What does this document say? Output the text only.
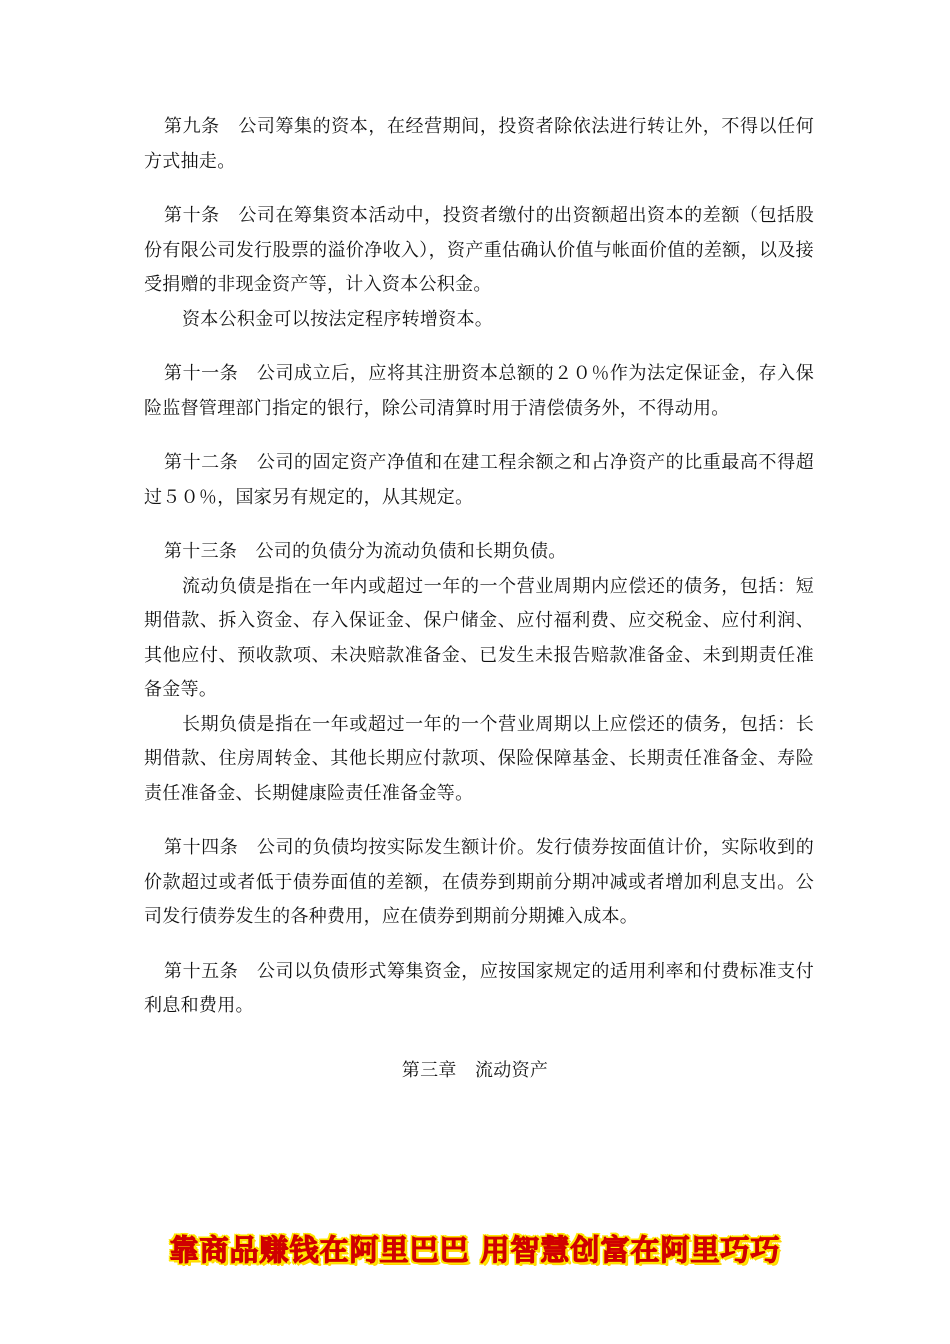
第九条　公司筹集的资本，在经营期间，投资者除依法进行转让外，不得以任何方式抽走。

第十条　公司在筹集资本活动中，投资者缴付的出资额超出资本的差额（包括股份有限公司发行股票的溢价净收入），资产重估确认价值与帐面价值的差额，以及接受捐赠的非现金资产等，计入资本公积金。

资本公积金可以按法定程序转增资本。

第十一条　公司成立后，应将其注册资本总额的２０％作为法定保证金，存入保险监督管理部门指定的银行，除公司清算时用于清偿债务外，不得动用。

第十二条　公司的固定资产净值和在建工程余额之和占净资产的比重最高不得超过５０％，国家另有规定的，从其规定。

第十三条　公司的负债分为流动负债和长期负债。

流动负债是指在一年内或超过一年的一个营业周期内应偿还的债务，包括：短期借款、拆入资金、存入保证金、保户储金、应付福利费、应交税金、应付利润、其他应付、预收款项、未决赔款准备金、已发生未报告赔款准备金、未到期责任准备金等。

长期负债是指在一年或超过一年的一个营业周期以上应偿还的债务，包括：长期借款、住房周转金、其他长期应付款项、保险保障基金、长期责任准备金、寿险责任准备金、长期健康险责任准备金等。

第十四条　公司的负债均按实际发生额计价。发行债券按面值计价，实际收到的价款超过或者低于债券面值的差额，在债券到期前分期冲减或者增加利息支出。公司发行债券发生的各种费用，应在债券到期前分期摊入成本。

第十五条　公司以负债形式筹集资金，应按国家规定的适用利率和付费标准支付利息和费用。

第三章　流动资产
靠商品赚钱在阿里巴巴 用智慧创富在阿里巧巧
